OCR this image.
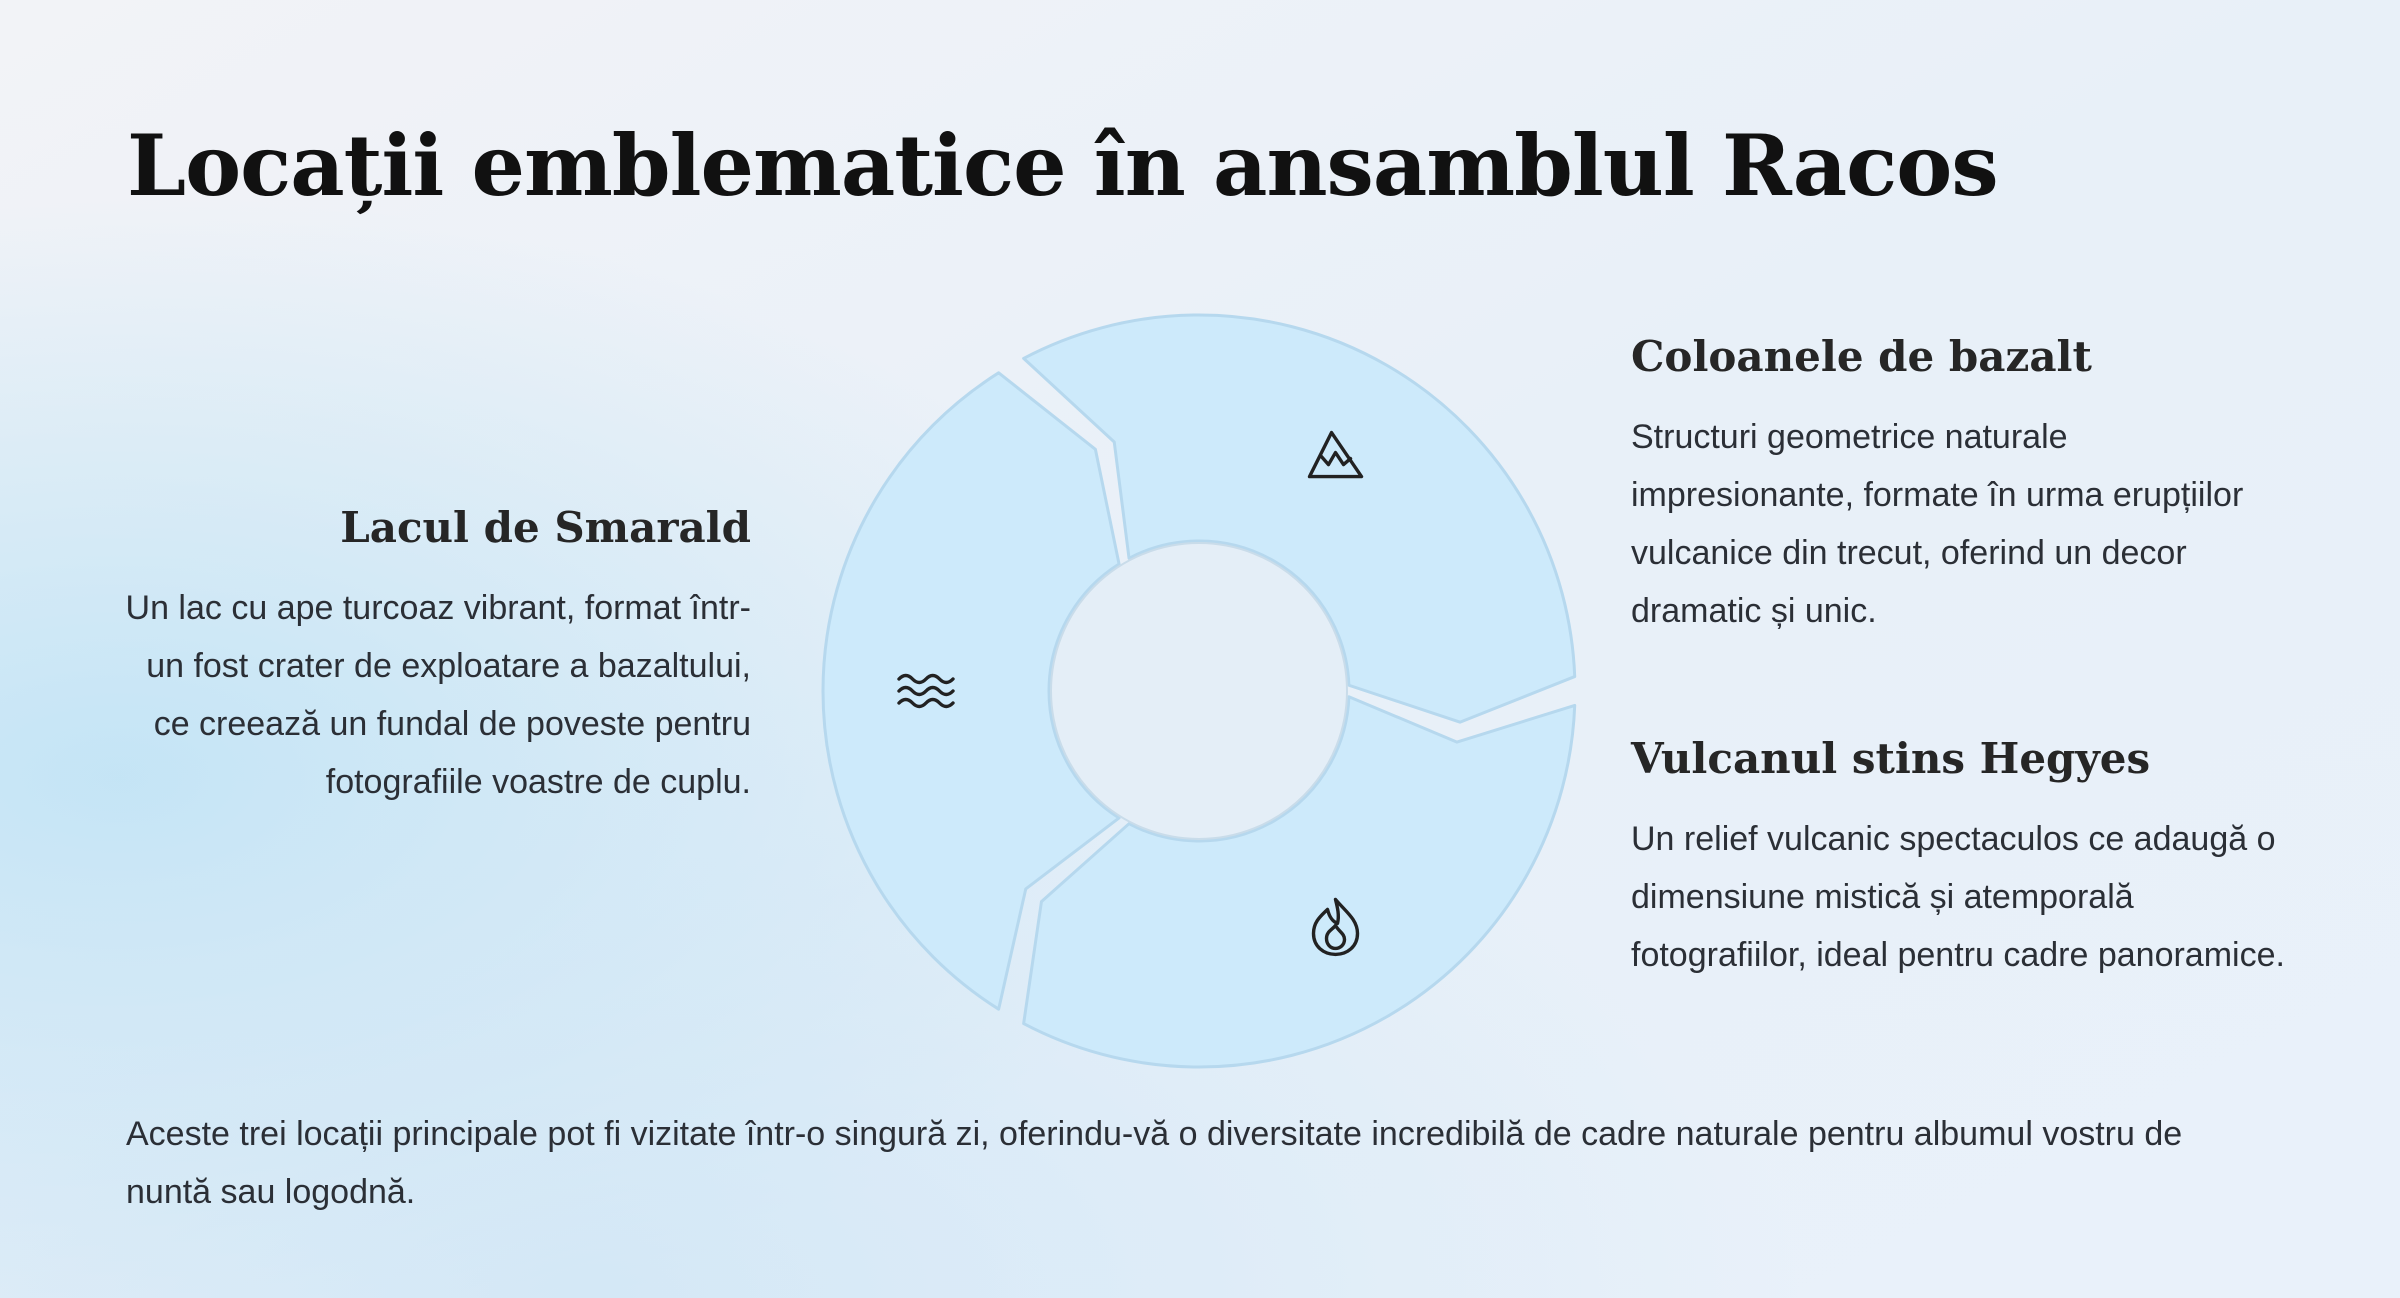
Locații emblematice în ansamblul Racos
Lacul de Smarald

Un lac cu ape turcoaz vibrant, format într-un fost crater de exploatare a bazaltului, ce creează un fundal de poveste pentru fotografiile voastre de cuplu.

Coloanele de bazalt

Structuri geometrice naturale impresionante, formate în urma erupțiilor vulcanice din trecut, oferind un decor dramatic și unic.

Vulcanul stins Hegyes

Un relief vulcanic spectaculos ce adaugă o dimensiune mistică și atemporală fotografiilor, ideal pentru cadre panoramice.

Aceste trei locații principale pot fi vizitate într-o singură zi, oferindu-vă o diversitate incredibilă de cadre naturale pentru albumul vostru de nuntă sau logodnă.
